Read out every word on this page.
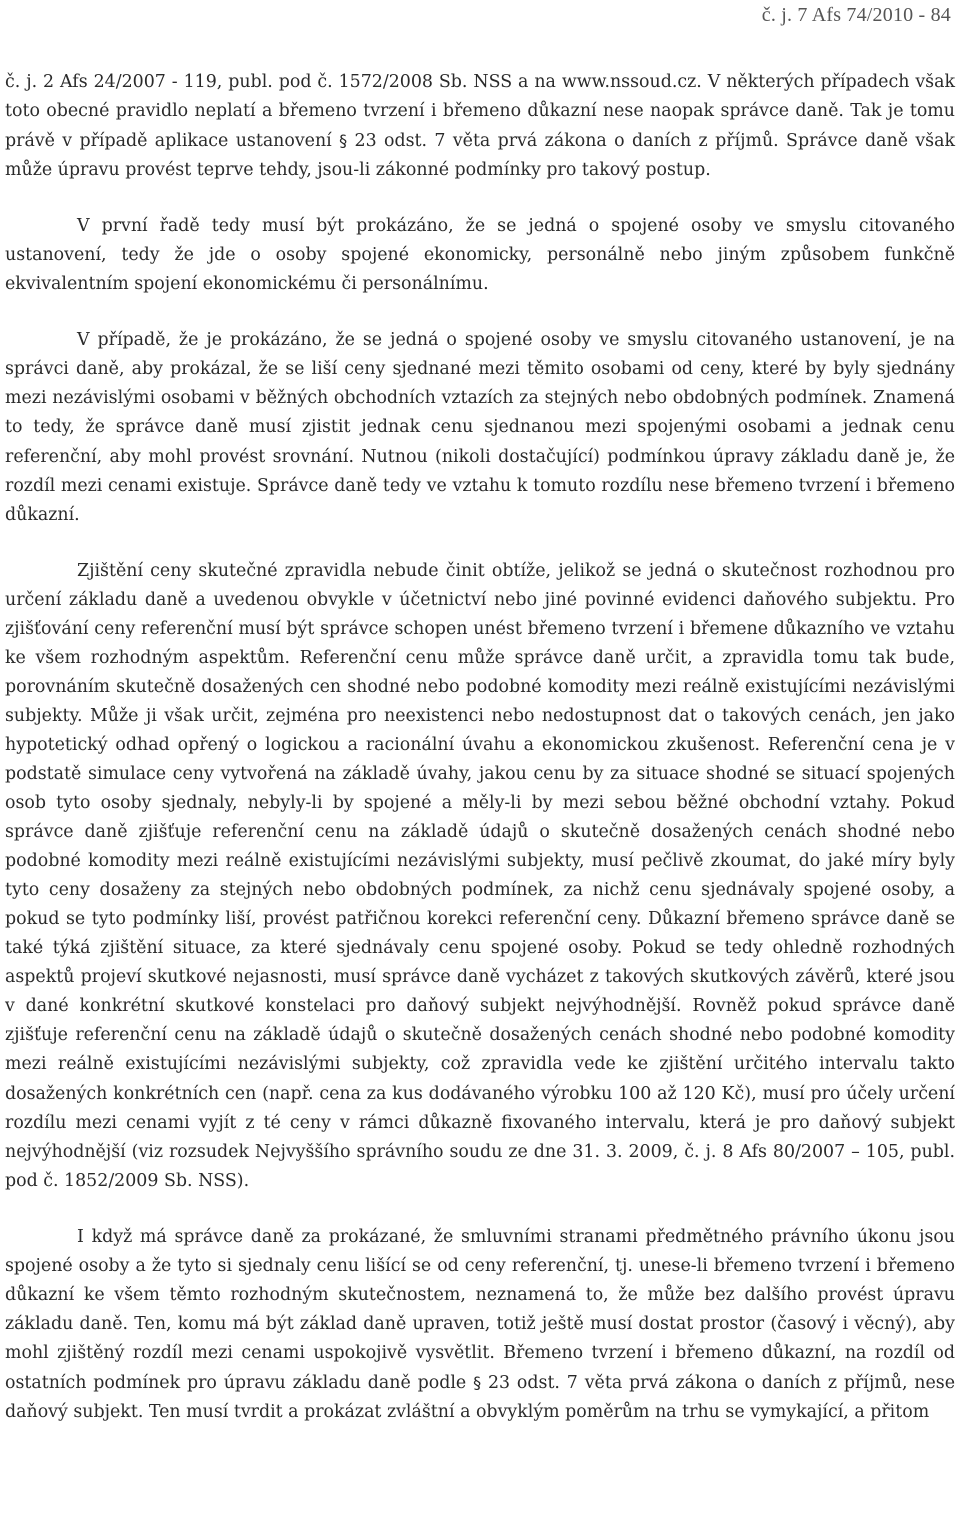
č. j. 7 Afs 74/2010 - 84

č. j. 2 Afs 24/2007 - 119, publ. pod č. 1572/2008 Sb. NSS a na www.nssoud.cz. V některých případech však toto obecné pravidlo neplatí a břemeno tvrzení i břemeno důkazní nese naopak správce daně. Tak je tomu právě v případě aplikace ustanovení § 23 odst. 7 věta prvá zákona o daních z příjmů. Správce daně však může úpravu provést teprve tehdy, jsou-li zákonné podmínky pro takový postup.

V první řadě tedy musí být prokázáno, že se jedná o spojené osoby ve smyslu citovaného ustanovení, tedy že jde o osoby spojené ekonomicky, personálně nebo jiným způsobem funkčně ekvivalentním spojení ekonomickému či personálnímu.

V případě, že je prokázáno, že se jedná o spojené osoby ve smyslu citovaného ustanovení, je na správci daně, aby prokázal, že se liší ceny sjednané mezi těmito osobami od ceny, které by byly sjednány mezi nezávislými osobami v běžných obchodních vztazích za stejných nebo obdobných podmínek. Znamená to tedy, že správce daně musí zjistit jednak cenu sjednanou mezi spojenými osobami a jednak cenu referenční, aby mohl provést srovnání. Nutnou (nikoli dostačující) podmínkou úpravy základu daně je, že rozdíl mezi cenami existuje. Správce daně tedy ve vztahu k tomuto rozdílu nese břemeno tvrzení i břemeno důkazní.

Zjištění ceny skutečné zpravidla nebude činit obtíže, jelikož se jedná o skutečnost rozhodnou pro určení základu daně a uvedenou obvykle v účetnictví nebo jiné povinné evidenci daňového subjektu. Pro zjišťování ceny referenční musí být správce schopen unést břemeno tvrzení i břemene důkazního ve vztahu ke všem rozhodným aspektům. Referenční cenu může správce daně určit, a zpravidla tomu tak bude, porovnáním skutečně dosažených cen shodné nebo podobné komodity mezi reálně existujícími nezávislými subjekty. Může ji však určit, zejména pro neexistenci nebo nedostupnost dat o takových cenách, jen jako hypotetický odhad opřený o logickou a racionální úvahu a ekonomickou zkušenost. Referenční cena je v podstatě simulace ceny vytvořená na základě úvahy, jakou cenu by za situace shodné se situací spojených osob tyto osoby sjednaly, nebyly-li by spojené a měly-li by mezi sebou běžné obchodní vztahy. Pokud správce daně zjišťuje referenční cenu na základě údajů o skutečně dosažených cenách shodné nebo podobné komodity mezi reálně existujícími nezávislými subjekty, musí pečlivě zkoumat, do jaké míry byly tyto ceny dosaženy za stejných nebo obdobných podmínek, za nichž cenu sjednávaly spojené osoby, a pokud se tyto podmínky liší, provést patřičnou korekci referenční ceny. Důkazní břemeno správce daně se také týká zjištění situace, za které sjednávaly cenu spojené osoby. Pokud se tedy ohledně rozhodných aspektů projeví skutkové nejasnosti, musí správce daně vycházet z takových skutkových závěrů, které jsou v dané konkrétní skutkové konstelaci pro daňový subjekt nejvýhodnější. Rovněž pokud správce daně zjišťuje referenční cenu na základě údajů o skutečně dosažených cenách shodné nebo podobné komodity mezi reálně existujícími nezávislými subjekty, což zpravidla vede ke zjištění určitého intervalu takto dosažených konkrétních cen (např. cena za kus dodávaného výrobku 100 až 120 Kč), musí pro účely určení rozdílu mezi cenami vyjít z té ceny v rámci důkazně fixovaného intervalu, která je pro daňový subjekt nejvýhodnější (viz rozsudek Nejvyššího správního soudu ze dne 31. 3. 2009, č. j. 8 Afs 80/2007 – 105, publ. pod č. 1852/2009 Sb. NSS).

I když má správce daně za prokázané, že smluvními stranami předmětného právního úkonu jsou spojené osoby a že tyto si sjednaly cenu lišící se od ceny referenční, tj. unese-li břemeno tvrzení i břemeno důkazní ke všem těmto rozhodným skutečnostem, neznamená to, že může bez dalšího provést úpravu základu daně. Ten, komu má být základ daně upraven, totiž ještě musí dostat prostor (časový i věcný), aby mohl zjištěný rozdíl mezi cenami uspokojivě vysvětlit. Břemeno tvrzení i břemeno důkazní, na rozdíl od ostatních podmínek pro úpravu základu daně podle § 23 odst. 7 věta prvá zákona o daních z příjmů, nese daňový subjekt. Ten musí tvrdit a prokázat zvláštní a obvyklým poměrům na trhu se vymykající, a přitom
